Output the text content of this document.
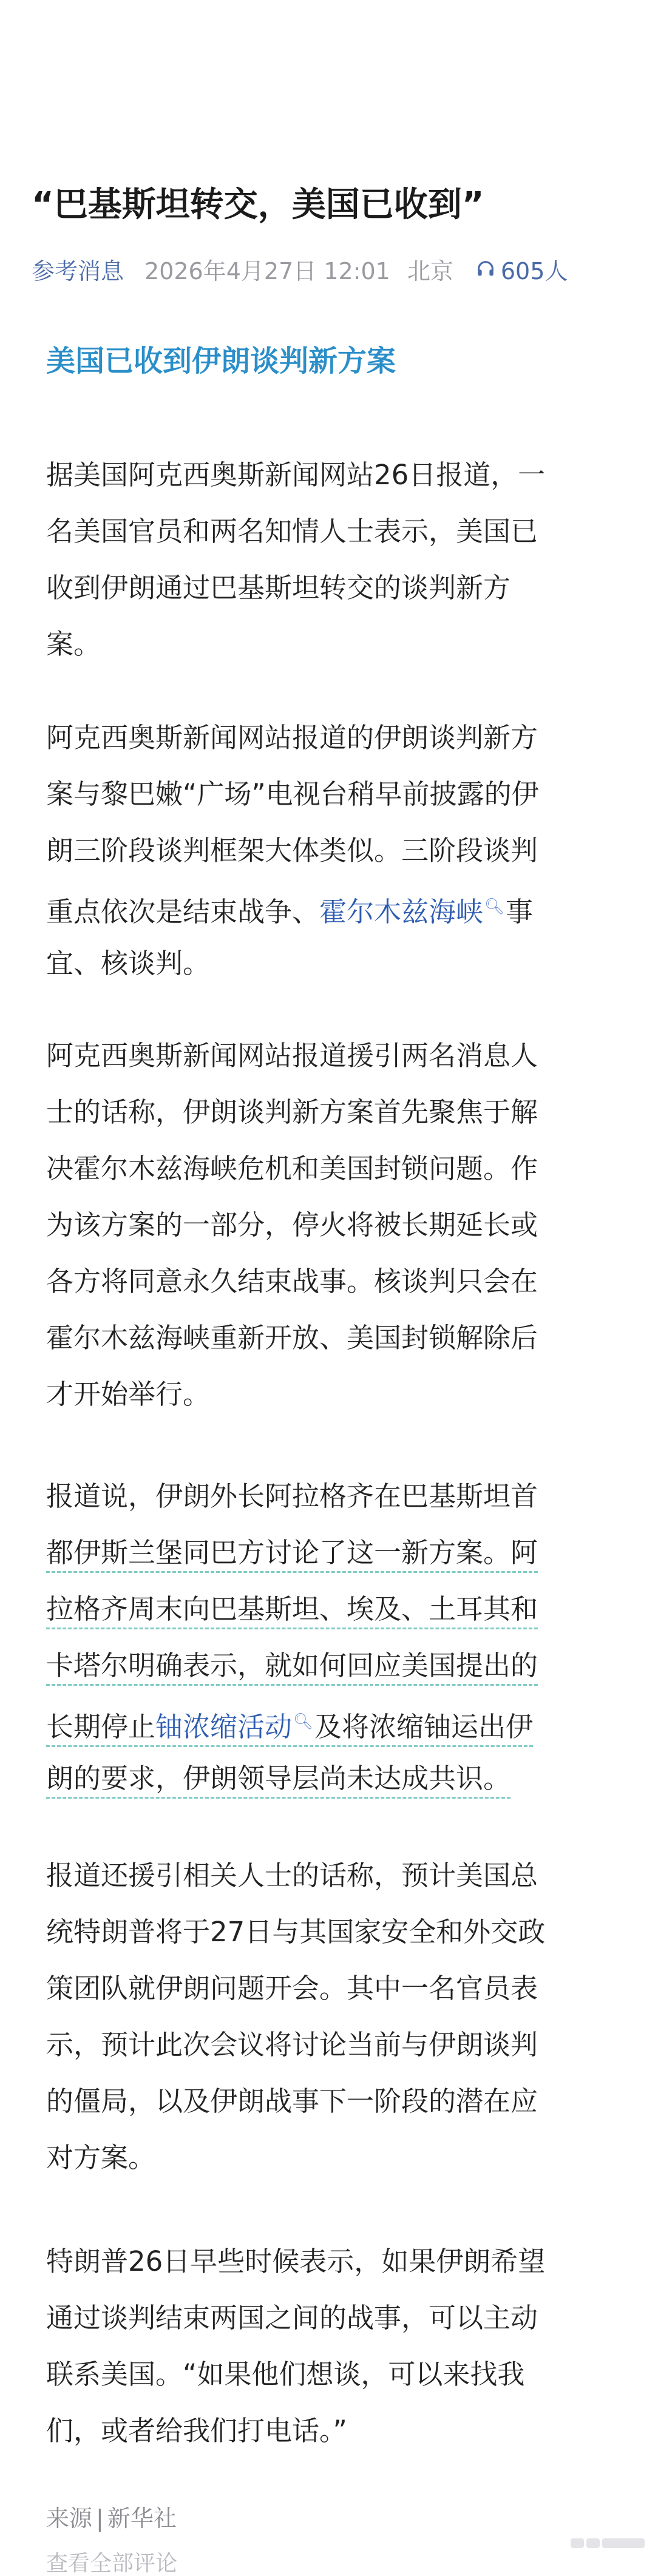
“巴基斯坦转交，美国已收到”
参考消息 2026年4月27日 12:01 北京 605人
美国已收到伊朗谈判新方案

据美国阿克西奥斯新闻网站26日报道，一
名美国官员和两名知情人士表示，美国已
收到伊朗通过巴基斯坦转交的谈判新方
案。

阿克西奥斯新闻网站报道的伊朗谈判新方
案与黎巴嫩“广场”电视台稍早前披露的伊
朗三阶段谈判框架大体类似。三阶段谈判
重点依次是结束战争、霍尔木兹海峡🔍︎事
宜、核谈判。

阿克西奥斯新闻网站报道援引两名消息人
士的话称，伊朗谈判新方案首先聚焦于解
决霍尔木兹海峡危机和美国封锁问题。作
为该方案的一部分，停火将被长期延长或
各方将同意永久结束战事。核谈判只会在
霍尔木兹海峡重新开放、美国封锁解除后
才开始举行。

报道说，伊朗外长阿拉格齐在巴基斯坦首
都伊斯兰堡同巴方讨论了这一新方案。阿
拉格齐周末向巴基斯坦、埃及、土耳其和
卡塔尔明确表示，就如何回应美国提出的
长期停止铀浓缩活动🔍︎及将浓缩铀运出伊
朗的要求，伊朗领导层尚未达成共识。

报道还援引相关人士的话称，预计美国总
统特朗普将于27日与其国家安全和外交政
策团队就伊朗问题开会。其中一名官员表
示，预计此次会议将讨论当前与伊朗谈判
的僵局，以及伊朗战事下一阶段的潜在应
对方案。

特朗普26日早些时候表示，如果伊朗希望
通过谈判结束两国之间的战事，可以主动
联系美国。“如果他们想谈，可以来找我
们，或者给我们打电话。”

来源 | 新华社
查看全部评论
